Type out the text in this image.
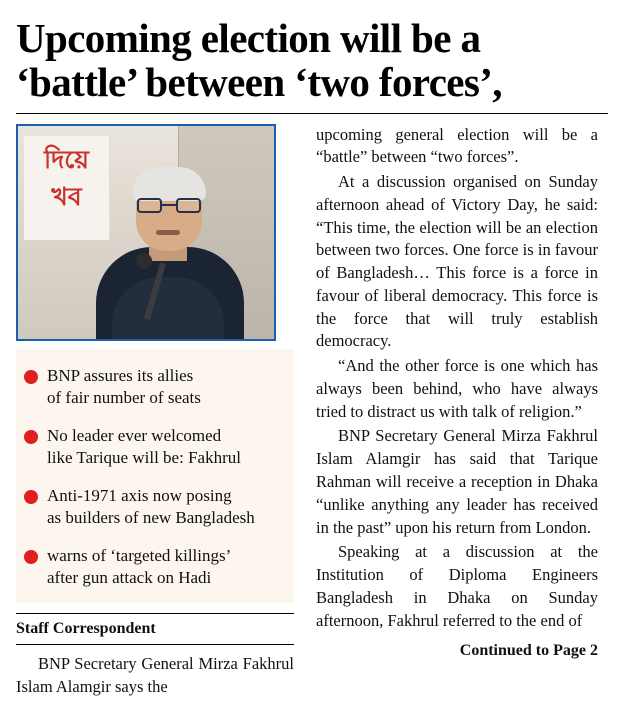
Upcoming election will be a
‘battle’ between ‘two forces’,
দিয়ে
খব
BNP assures its allies
of fair number of seats
No leader ever welcomed
like Tarique will be: Fakhrul
Anti-1971 axis now posing
as builders of new Bangladesh
warns of ‘targeted killings’
after gun attack on Hadi
Staff Correspondent

BNP Secretary General Mirza Fakhrul Islam Alamgir says the

upcoming general election will be a “battle” between “two forces”.

At a discussion organised on Sunday afternoon ahead of Victory Day, he said: “This time, the election will be an election between two forces. One force is in favour of Bangladesh… This force is a force in favour of liberal democracy. This force is the force that will truly establish democracy.

“And the other force is one which has always been behind, who have always tried to distract us with talk of religion.”

BNP Secretary General Mirza Fakhrul Islam Alamgir has said that Tarique Rahman will receive a reception in Dhaka “unlike anything any leader has received in the past” upon his return from London.

Speaking at a discussion at the Institution of Diploma Engineers Bangladesh in Dhaka on Sunday afternoon, Fakhrul referred to the end of

Continued to Page 2
